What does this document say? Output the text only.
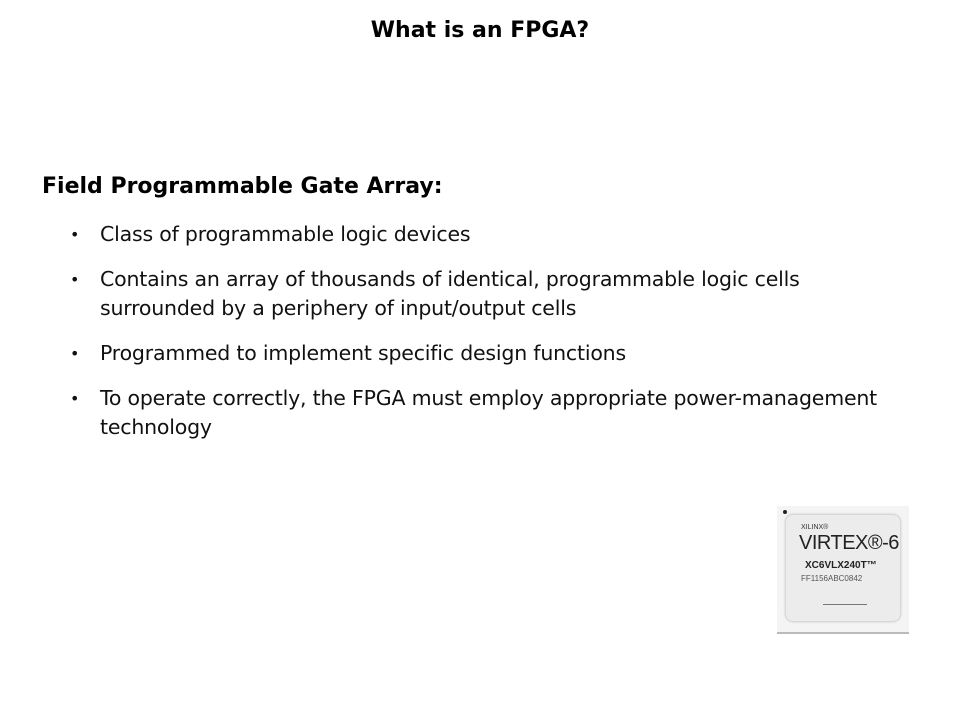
What is an FPGA?
Field Programmable Gate Array:
• Class of programmable logic devices
• Contains an array of thousands of identical, programmable logic cells surrounded by a periphery of input/output cells
• Programmed to implement specific design functions
• To operate correctly, the FPGA must employ appropriate power-management technology
XILINX®
VIRTEX®-6
XC6VLX240T™
FF1156ABC0842
